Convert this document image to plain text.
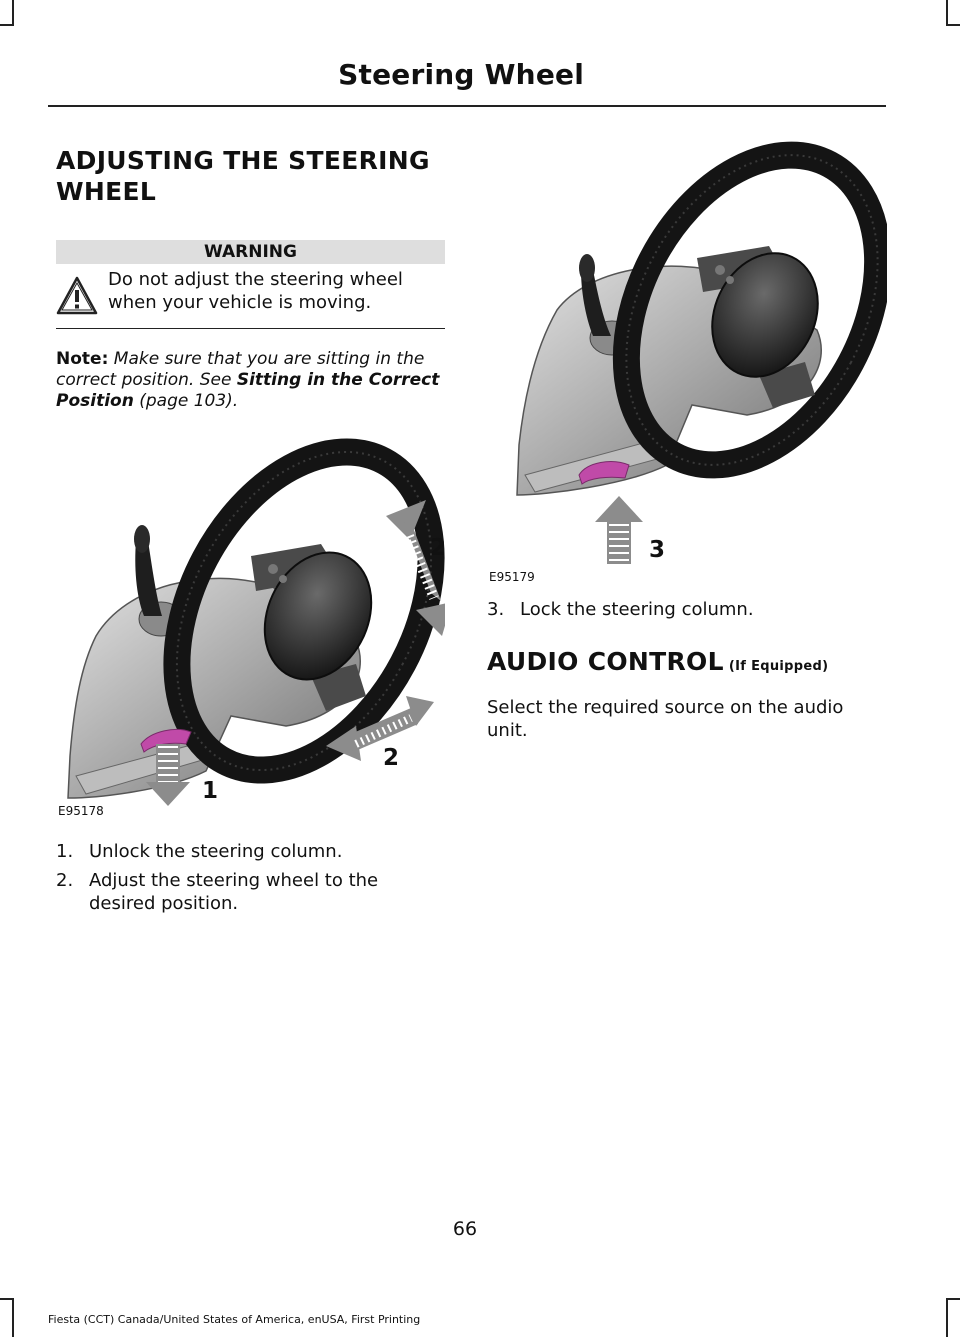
Steering Wheel
ADJUSTING THE STEERING
WHEEL
WARNING
Do not adjust the steering wheel when your vehicle is moving.
Note: Make sure that you are sitting in the correct position. See Sitting in the Correct Position (page 103).
2
2
1
E95178
1. Unlock the steering column.
2. Adjust the steering wheel to the desired position.
3
E95179
3. Lock the steering column.
AUDIO CONTROL (If Equipped)
Select the required source on the audio unit.
66
Fiesta (CCT) Canada/United States of America, enUSA, First Printing
